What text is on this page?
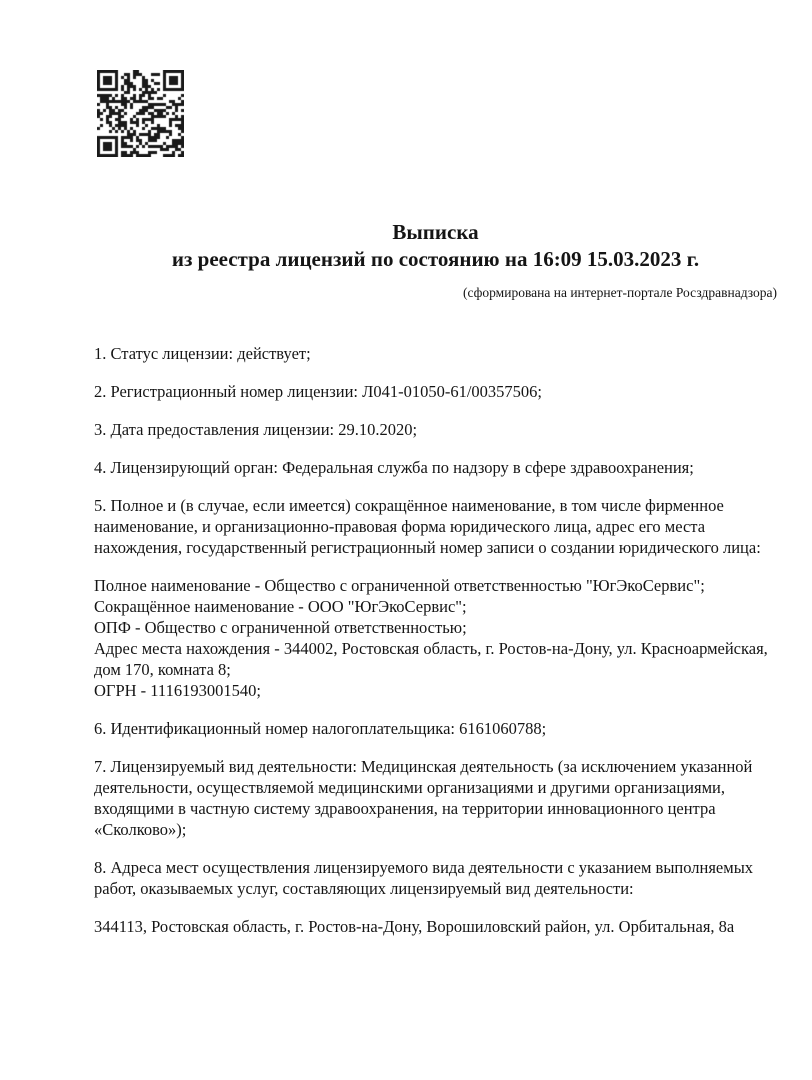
Выписка
из реестра лицензий по состоянию на 16:09 15.03.2023 г.
(сформирована на интернет-портале Росздравнадзора)

1. Статус лицензии: действует;

2. Регистрационный номер лицензии: Л041-01050-61/00357506;

3. Дата предоставления лицензии: 29.10.2020;

4. Лицензирующий орган: Федеральная служба по надзору в сфере здравоохранения;

5. Полное и (в случае, если имеется) сокращённое наименование, в том числе фирменное наименование, и организационно-правовая форма юридического лица, адрес его места нахождения, государственный регистрационный номер записи о создании юридического лица:

Полное наименование - Общество с ограниченной ответственностью "ЮгЭкоСервис";

Сокращённое наименование - ООО "ЮгЭкоСервис";

ОПФ - Общество с ограниченной ответственностью;

Адрес места нахождения - 344002, Ростовская область, г. Ростов-на-Дону, ул. Красноармейская, дом 170, комната 8;

ОГРН - 1116193001540;

6. Идентификационный номер налогоплательщика: 6161060788;

7. Лицензируемый вид деятельности: Медицинская деятельность (за исключением указанной деятельности, осуществляемой медицинскими организациями и другими организациями, входящими в частную систему здравоохранения, на территории инновационного центра «Сколково»);

8. Адреса мест осуществления лицензируемого вида деятельности с указанием выполняемых работ, оказываемых услуг, составляющих лицензируемый вид деятельности:

344113, Ростовская область, г. Ростов-на-Дону, Ворошиловский район, ул. Орбитальная, 8а
